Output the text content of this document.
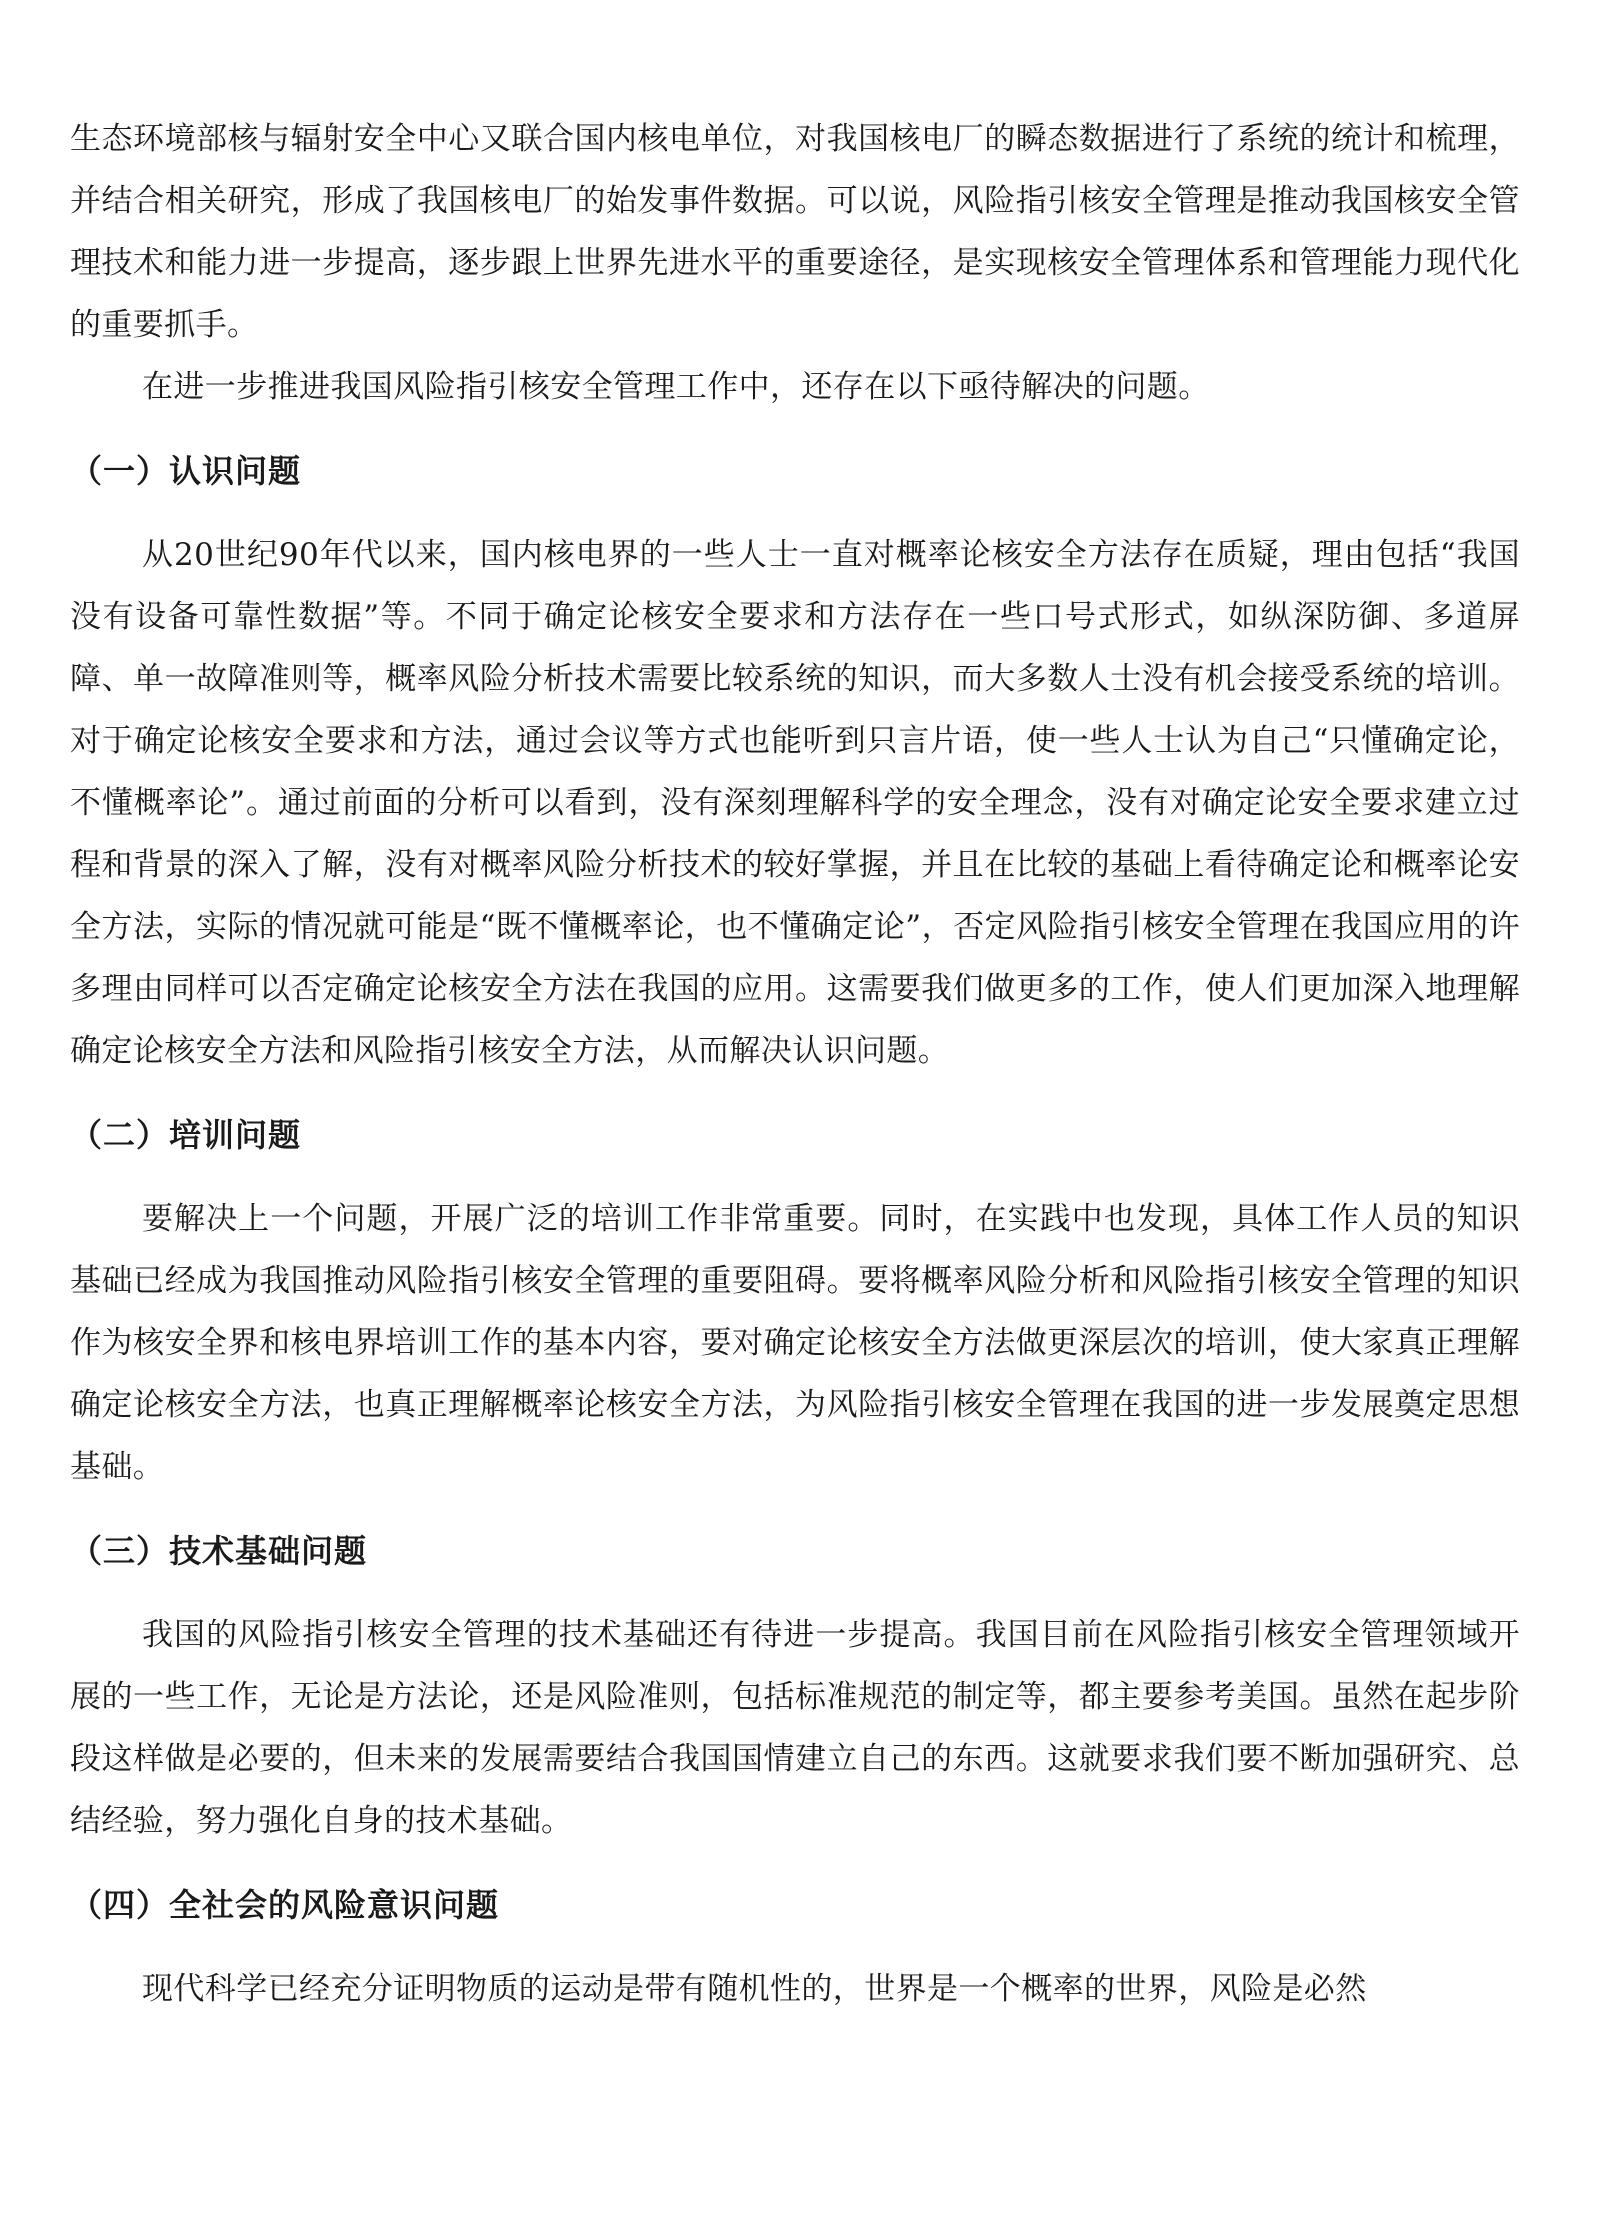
生态环境部核与辐射安全中心又联合国内核电单位，对我国核电厂的瞬态数据进行了系统的统计和梳理，并结合相关研究，形成了我国核电厂的始发事件数据。可以说，风险指引核安全管理是推动我国核安全管理技术和能力进一步提高，逐步跟上世界先进水平的重要途径，是实现核安全管理体系和管理能力现代化的重要抓手。

在进一步推进我国风险指引核安全管理工作中，还存在以下亟待解决的问题。

（一）认识问题

从20世纪90年代以来，国内核电界的一些人士一直对概率论核安全方法存在质疑，理由包括“我国没有设备可靠性数据”等。不同于确定论核安全要求和方法存在一些口号式形式，如纵深防御、多道屏障、单一故障准则等，概率风险分析技术需要比较系统的知识，而大多数人士没有机会接受系统的培训。对于确定论核安全要求和方法，通过会议等方式也能听到只言片语，使一些人士认为自己“只懂确定论，不懂概率论”。通过前面的分析可以看到，没有深刻理解科学的安全理念，没有对确定论安全要求建立过程和背景的深入了解，没有对概率风险分析技术的较好掌握，并且在比较的基础上看待确定论和概率论安全方法，实际的情况就可能是“既不懂概率论，也不懂确定论”，否定风险指引核安全管理在我国应用的许多理由同样可以否定确定论核安全方法在我国的应用。这需要我们做更多的工作，使人们更加深入地理解确定论核安全方法和风险指引核安全方法，从而解决认识问题。

（二）培训问题

要解决上一个问题，开展广泛的培训工作非常重要。同时，在实践中也发现，具体工作人员的知识基础已经成为我国推动风险指引核安全管理的重要阻碍。要将概率风险分析和风险指引核安全管理的知识作为核安全界和核电界培训工作的基本内容，要对确定论核安全方法做更深层次的培训，使大家真正理解确定论核安全方法，也真正理解概率论核安全方法，为风险指引核安全管理在我国的进一步发展奠定思想基础。

（三）技术基础问题

我国的风险指引核安全管理的技术基础还有待进一步提高。我国目前在风险指引核安全管理领域开展的一些工作，无论是方法论，还是风险准则，包括标准规范的制定等，都主要参考美国。虽然在起步阶段这样做是必要的，但未来的发展需要结合我国国情建立自己的东西。这就要求我们要不断加强研究、总结经验，努力强化自身的技术基础。

（四）全社会的风险意识问题

现代科学已经充分证明物质的运动是带有随机性的，世界是一个概率的世界，风险是必然
